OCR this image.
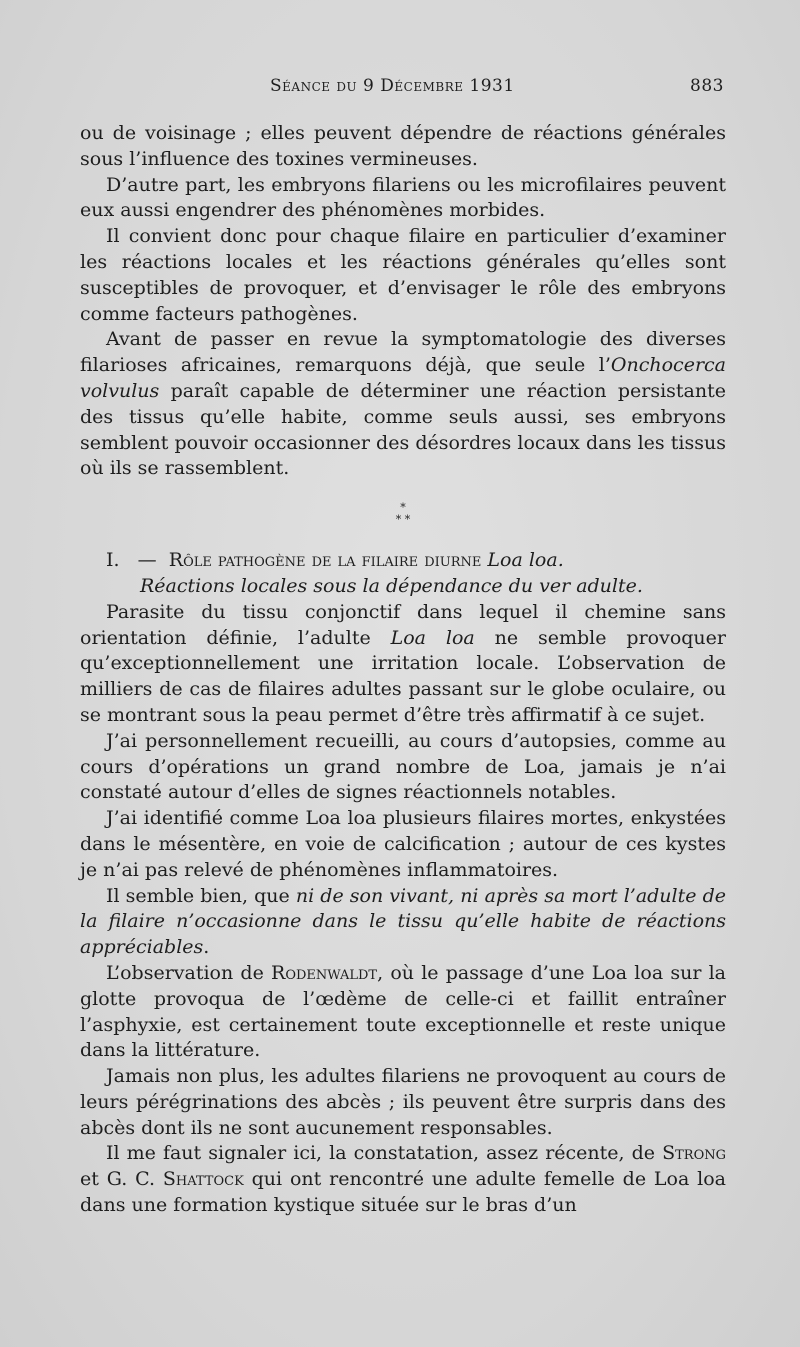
Séance du 9 Décembre 1931	883

ou de voisinage ; elles peuvent dépendre de réactions générales sous l’influence des toxines vermineuses.

D’autre part, les embryons filariens ou les microfilaires peuvent eux aussi engendrer des phénomènes morbides.

Il convient donc pour chaque filaire en particulier d’examiner les réactions locales et les réactions générales qu’elles sont susceptibles de provoquer, et d’envisager le rôle des embryons comme facteurs pathogènes.

Avant de passer en revue la symptomatologie des diverses filarioses africaines, remarquons déjà, que seule l’Onchocerca volvulus paraît capable de déterminer une réaction persistante des tissus qu’elle habite, comme seuls aussi, ses embryons semblent pouvoir occasionner des désordres locaux dans les tissus où ils se rassemblent.

*
* *

I. — Rôle pathogène de la filaire diurne Loa loa.
Réactions locales sous la dépendance du ver adulte.

Parasite du tissu conjonctif dans lequel il chemine sans orientation définie, l’adulte Loa loa ne semble provoquer qu’exceptionnellement une irritation locale. L’observation de milliers de cas de filaires adultes passant sur le globe oculaire, ou se montrant sous la peau permet d’être très affirmatif à ce sujet.

J’ai personnellement recueilli, au cours d’autopsies, comme au cours d’opérations un grand nombre de Loa, jamais je n’ai constaté autour d’elles de signes réactionnels notables.

J’ai identifié comme Loa loa plusieurs filaires mortes, enkystées dans le mésentère, en voie de calcification ; autour de ces kystes je n’ai pas relevé de phénomènes inflammatoires.

Il semble bien, que ni de son vivant, ni après sa mort l’adulte de la filaire n’occasionne dans le tissu qu’elle habite de réactions appréciables.

L’observation de Rodenwaldt, où le passage d’une Loa loa sur la glotte provoqua de l’œdème de celle-ci et faillit entraîner l’asphyxie, est certainement toute exceptionnelle et reste unique dans la littérature.

Jamais non plus, les adultes filariens ne provoquent au cours de leurs pérégrinations des abcès ; ils peuvent être surpris dans des abcès dont ils ne sont aucunement responsables.

Il me faut signaler ici, la constatation, assez récente, de Strong et G. C. Shattock qui ont rencontré une adulte femelle de Loa loa dans une formation kystique située sur le bras d’un
